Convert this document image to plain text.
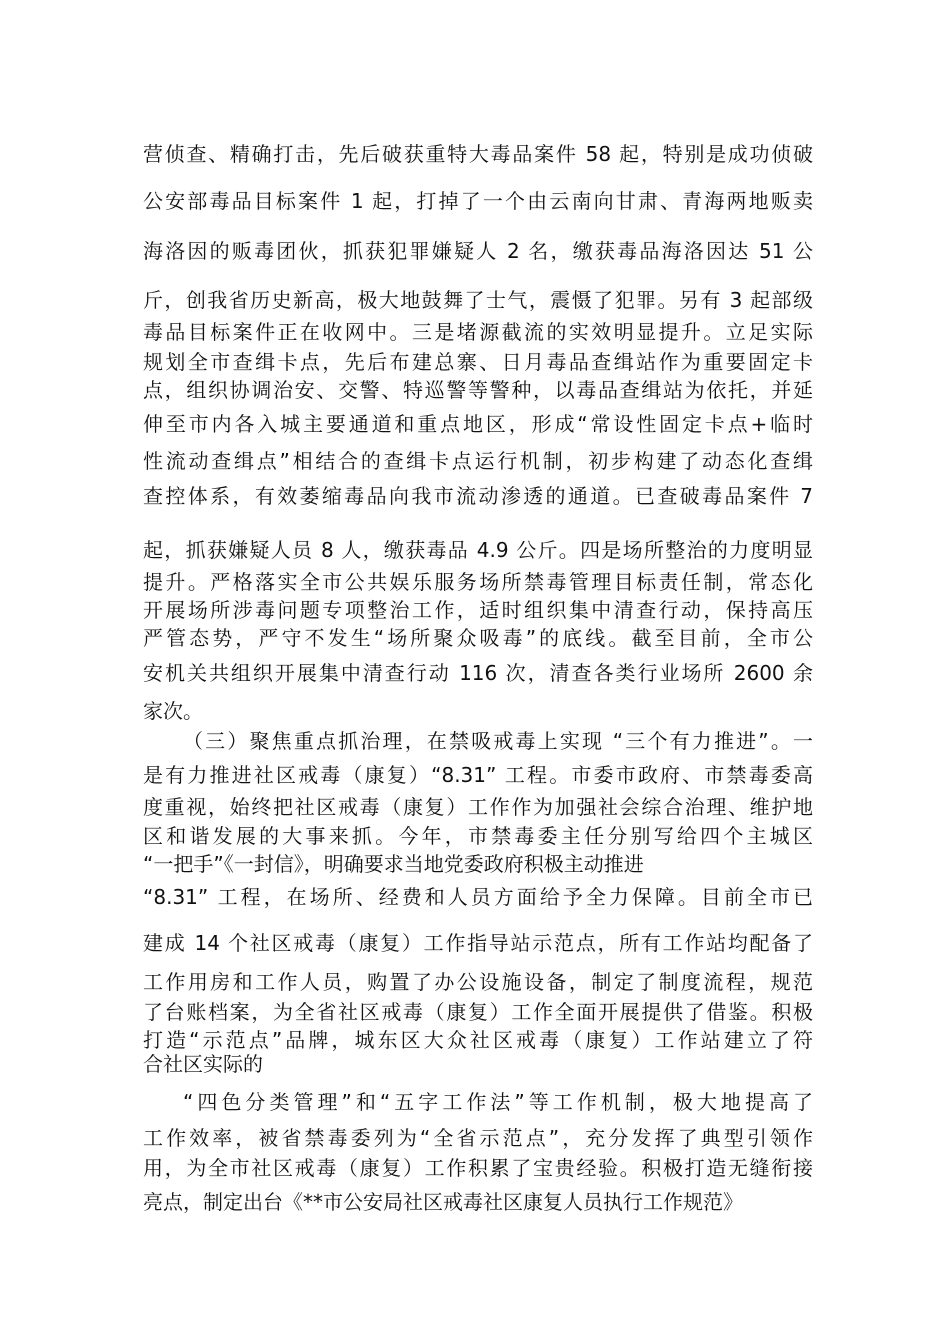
营侦查、精确打击，先后破获重特大毒品案件 58 起，特别是成功侦破
公安部毒品目标案件 1 起，打掉了一个由云南向甘肃、青海两地贩卖
海洛因的贩毒团伙，抓获犯罪嫌疑人 2 名，缴获毒品海洛因达 51 公
斤，创我省历史新高，极大地鼓舞了士气，震慑了犯罪。另有 3 起部级
毒品目标案件正在收网中。三是堵源截流的实效明显提升。立足实际
规划全市查缉卡点，先后布建总寨、日月毒品查缉站作为重要固定卡
点，组织协调治安、交警、特巡警等警种，以毒品查缉站为依托，并延
伸至市内各入城主要通道和重点地区，形成“常设性固定卡点+临时
性流动查缉点”相结合的查缉卡点运行机制，初步构建了动态化查缉
查控体系，有效萎缩毒品向我市流动渗透的通道。已查破毒品案件 7
起，抓获嫌疑人员 8 人，缴获毒品 4.9 公斤。四是场所整治的力度明显
提升。严格落实全市公共娱乐服务场所禁毒管理目标责任制，常态化
开展场所涉毒问题专项整治工作，适时组织集中清查行动，保持高压
严管态势，严守不发生“场所聚众吸毒”的底线。截至目前，全市公
安机关共组织开展集中清查行动 116 次，清查各类行业场所 2600 余
家次。
（三）聚焦重点抓治理，在禁吸戒毒上实现 “三个有力推进”。一
是有力推进社区戒毒（康复）“8.31” 工程。市委市政府、市禁毒委高
度重视，始终把社区戒毒（康复）工作作为加强社会综合治理、维护地
区和谐发展的大事来抓。今年，市禁毒委主任分别写给四个主城区
“一把手”《一封信》，明确要求当地党委政府积极主动推进
“8.31” 工程，在场所、经费和人员方面给予全力保障。目前全市已
建成 14 个社区戒毒（康复）工作指导站示范点，所有工作站均配备了
工作用房和工作人员，购置了办公设施设备，制定了制度流程，规范
了台账档案，为全省社区戒毒（康复）工作全面开展提供了借鉴。积极
打造“示范点”品牌，城东区大众社区戒毒（康复）工作站建立了符
合社区实际的
“四色分类管理”和“五字工作法”等工作机制，极大地提高了
工作效率，被省禁毒委列为“全省示范点”，充分发挥了典型引领作
用，为全市社区戒毒（康复）工作积累了宝贵经验。积极打造无缝衔接
亮点，制定出台《**市公安局社区戒毒社区康复人员执行工作规范》
